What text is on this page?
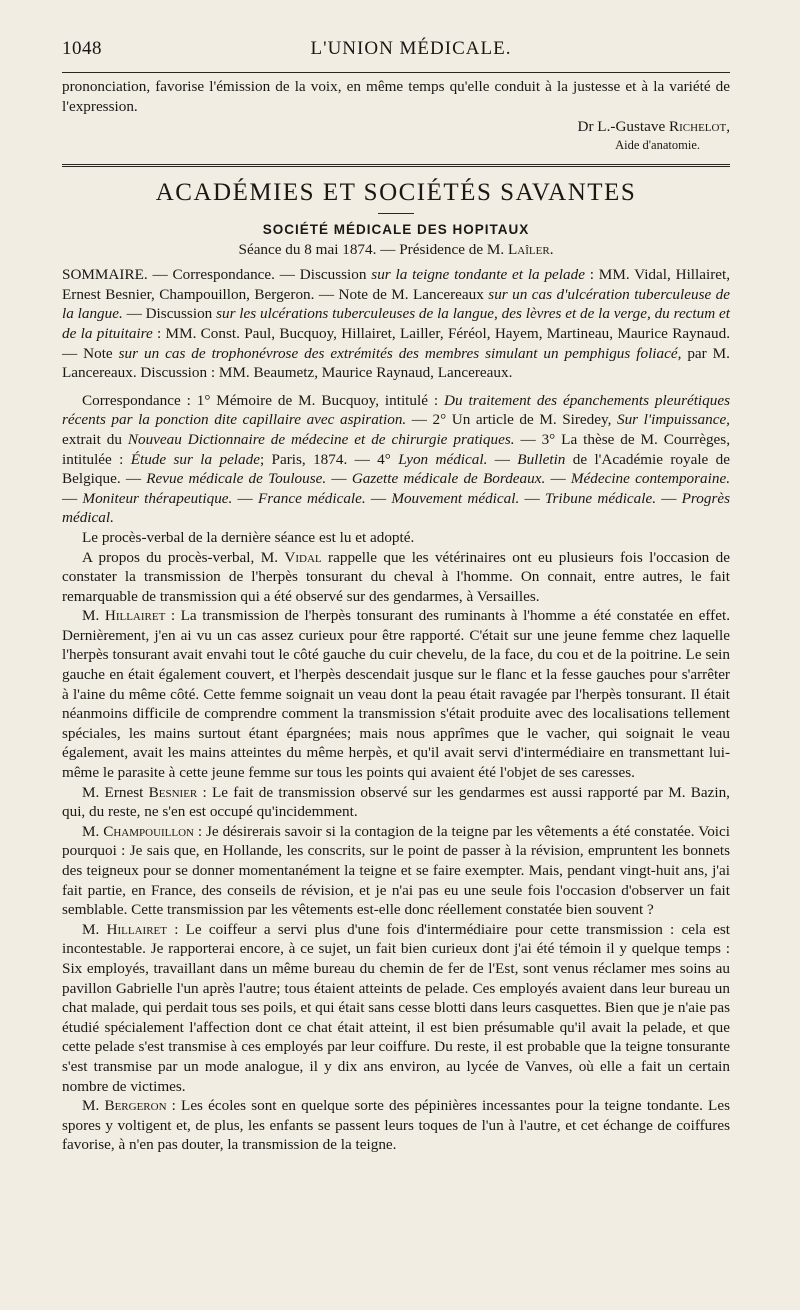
1048	L'UNION MÉDICALE.

prononciation, favorise l'émission de la voix, en même temps qu'elle conduit à la justesse et à la variété de l'expression.

Dr L.-Gustave Richelot,
Aide d'anatomie.
ACADÉMIES ET SOCIÉTÉS SAVANTES
SOCIÉTÉ MÉDICALE DES HOPITAUX
Séance du 8 mai 1874. — Présidence de M. Laîler.

SOMMAIRE. — Correspondance. — Discussion sur la teigne tondante et la pelade : MM. Vidal, Hillairet, Ernest Besnier, Champouillon, Bergeron. — Note de M. Lancereaux sur un cas d'ulcération tuberculeuse de la langue. — Discussion sur les ulcérations tuberculeuses de la langue, des lèvres et de la verge, du rectum et de la pituitaire : MM. Const. Paul, Bucquoy, Hillairet, Lailler, Féréol, Hayem, Martineau, Maurice Raynaud. — Note sur un cas de trophonévrose des extrémités des membres simulant un pemphigus foliacé, par M. Lancereaux. Discussion : MM. Beaumetz, Maurice Raynaud, Lancereaux.

Correspondance : 1° Mémoire de M. Bucquoy, intitulé : Du traitement des épanchements pleurétiques récents par la ponction dite capillaire avec aspiration. — 2° Un article de M. Siredey, Sur l'impuissance, extrait du Nouveau Dictionnaire de médecine et de chirurgie pratiques. — 3° La thèse de M. Courrèges, intitulée : Étude sur la pelade; Paris, 1874. — 4° Lyon médical. — Bulletin de l'Académie royale de Belgique. — Revue médicale de Toulouse. — Gazette médicale de Bordeaux. — Médecine contemporaine. — Moniteur thérapeutique. — France médicale. — Mouvement médical. — Tribune médicale. — Progrès médical.

Le procès-verbal de la dernière séance est lu et adopté.

A propos du procès-verbal, M. Vidal rappelle que les vétérinaires ont eu plusieurs fois l'occasion de constater la transmission de l'herpès tonsurant du cheval à l'homme. On connait, entre autres, le fait remarquable de transmission qui a été observé sur des gendarmes, à Versailles.

M. Hillairet : La transmission de l'herpès tonsurant des ruminants à l'homme a été constatée en effet. Dernièrement, j'en ai vu un cas assez curieux pour être rapporté. C'était sur une jeune femme chez laquelle l'herpès tonsurant avait envahi tout le côté gauche du cuir chevelu, de la face, du cou et de la poitrine. Le sein gauche en était également couvert, et l'herpès descendait jusque sur le flanc et la fesse gauches pour s'arrêter à l'aine du même côté. Cette femme soignait un veau dont la peau était ravagée par l'herpès tonsurant. Il était néanmoins difficile de comprendre comment la transmission s'était produite avec des localisations tellement spéciales, les mains surtout étant épargnées; mais nous apprîmes que le vacher, qui soignait le veau également, avait les mains atteintes du même herpès, et qu'il avait servi d'intermédiaire en transmettant lui-même le parasite à cette jeune femme sur tous les points qui avaient été l'objet de ses caresses.

M. Ernest Besnier : Le fait de transmission observé sur les gendarmes est aussi rapporté par M. Bazin, qui, du reste, ne s'en est occupé qu'incidemment.

M. Champouillon : Je désirerais savoir si la contagion de la teigne par les vêtements a été constatée. Voici pourquoi : Je sais que, en Hollande, les conscrits, sur le point de passer à la révision, empruntent les bonnets des teigneux pour se donner momentanément la teigne et se faire exempter. Mais, pendant vingt-huit ans, j'ai fait partie, en France, des conseils de révision, et je n'ai pas eu une seule fois l'occasion d'observer un fait semblable. Cette transmission par les vêtements est-elle donc réellement constatée bien souvent ?

M. Hillairet : Le coiffeur a servi plus d'une fois d'intermédiaire pour cette transmission : cela est incontestable. Je rapporterai encore, à ce sujet, un fait bien curieux dont j'ai été témoin il y quelque temps : Six employés, travaillant dans un même bureau du chemin de fer de l'Est, sont venus réclamer mes soins au pavillon Gabrielle l'un après l'autre; tous étaient atteints de pelade. Ces employés avaient dans leur bureau un chat malade, qui perdait tous ses poils, et qui était sans cesse blotti dans leurs casquettes. Bien que je n'aie pas étudié spécialement l'affection dont ce chat était atteint, il est bien présumable qu'il avait la pelade, et que cette pelade s'est transmise à ces employés par leur coiffure. Du reste, il est probable que la teigne tonsurante s'est transmise par un mode analogue, il y dix ans environ, au lycée de Vanves, où elle a fait un certain nombre de victimes.

M. Bergeron : Les écoles sont en quelque sorte des pépinières incessantes pour la teigne tondante. Les spores y voltigent et, de plus, les enfants se passent leurs toques de l'un à l'autre, et cet échange de coiffures favorise, à n'en pas douter, la transmission de la teigne.
